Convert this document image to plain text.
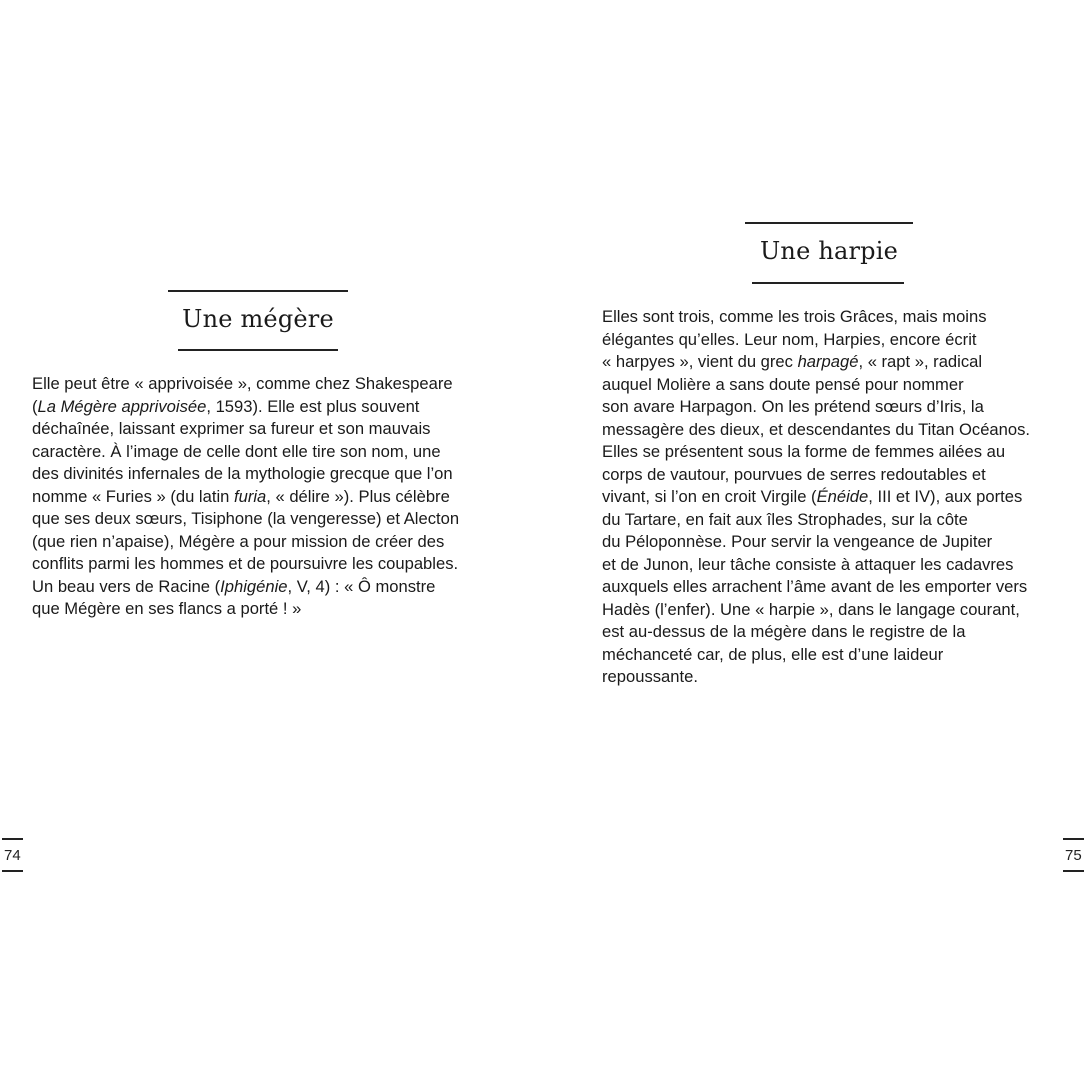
Une mégère
Elle peut être « apprivoisée », comme chez Shakespeare
(La Mégère apprivoisée, 1593). Elle est plus souvent
déchaînée, laissant exprimer sa fureur et son mauvais
caractère. À l’image de celle dont elle tire son nom, une
des divinités infernales de la mythologie grecque que l’on
nomme « Furies » (du latin furia, « délire »). Plus célèbre
que ses deux sœurs, Tisiphone (la vengeresse) et Alecton
(que rien n’apaise), Mégère a pour mission de créer des
conflits parmi les hommes et de poursuivre les coupables.
Un beau vers de Racine (Iphigénie, V, 4) : « Ô monstre
que Mégère en ses flancs a porté ! »
74
Une harpie
Elles sont trois, comme les trois Grâces, mais moins
élégantes qu’elles. Leur nom, Harpies, encore écrit
« harpyes », vient du grec harpagé, « rapt », radical
auquel Molière a sans doute pensé pour nommer
son avare Harpagon. On les prétend sœurs d’Iris, la
messagère des dieux, et descendantes du Titan Océanos.
Elles se présentent sous la forme de femmes ailées au
corps de vautour, pourvues de serres redoutables et
vivant, si l’on en croit Virgile (Énéide, III et IV), aux portes
du Tartare, en fait aux îles Strophades, sur la côte
du Péloponnèse. Pour servir la vengeance de Jupiter
et de Junon, leur tâche consiste à attaquer les cadavres
auxquels elles arrachent l’âme avant de les emporter vers
Hadès (l’enfer). Une « harpie », dans le langage courant,
est au-dessus de la mégère dans le registre de la
méchanceté car, de plus, elle est d’une laideur
repoussante.
75
